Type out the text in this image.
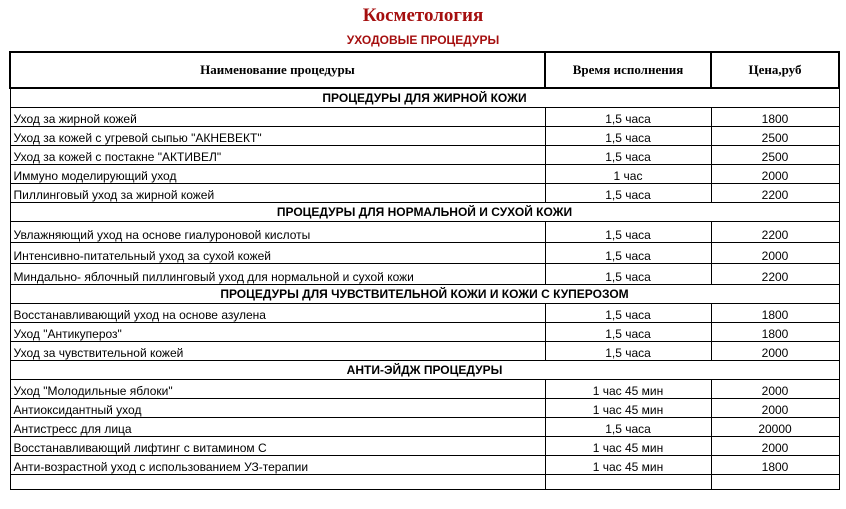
Косметология
УХОДОВЫЕ ПРОЦЕДУРЫ
Наименование процедуры	Время исполнения	Цена,руб
ПРОЦЕДУРЫ ДЛЯ ЖИРНОЙ КОЖИ		
Уход за жирной кожей	1,5 часа	1800
Уход за кожей с угревой сыпью "АКНЕВЕКТ"	1,5 часа	2500
Уход за кожей с постакне "АКТИВЕЛ"	1,5 часа	2500
Иммуно моделирующий уход	1 час	2000
Пиллинговый уход за жирной кожей	1,5 часа	2200
ПРОЦЕДУРЫ ДЛЯ НОРМАЛЬНОЙ И СУХОЙ КОЖИ		
Увлажняющий уход на основе гиалуроновой кислоты	1,5 часа	2200
Интенсивно-питательный уход за сухой кожей	1,5 часа	2000
Миндально- яблочный пиллинговый уход для нормальной и сухой кожи	1,5 часа	2200
ПРОЦЕДУРЫ ДЛЯ ЧУВСТВИТЕЛЬНОЙ КОЖИ И КОЖИ С КУПЕРОЗОМ		
Восстанавливающий уход на основе азулена	1,5 часа	1800
Уход "Антикупероз"	1,5 часа	1800
Уход за чувствительной кожей	1,5 часа	2000
АНТИ-ЭЙДЖ ПРОЦЕДУРЫ		
Уход "Молодильные яблоки"	1 час 45 мин	2000
Антиоксидантный уход	1 час 45 мин	2000
Антистресс для лица	1,5 часа	20000
Восстанавливающий лифтинг с витамином С	1 час 45 мин	2000
Анти-возрастной уход с использованием УЗ-терапии	1 час 45 мин	1800
